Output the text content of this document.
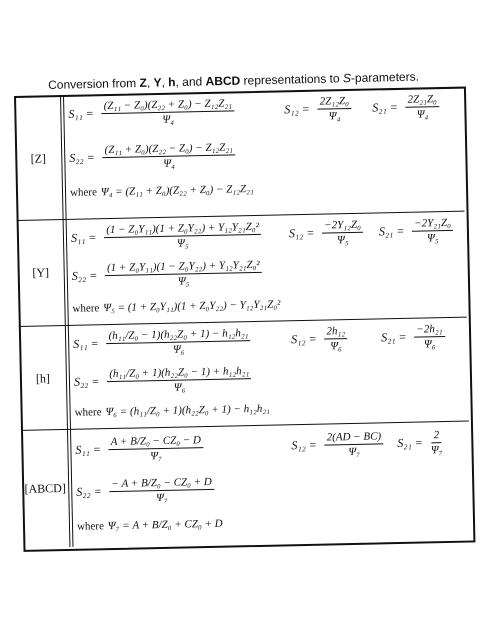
Conversion from Z, Y, h, and ABCD representations to S-parameters.
[Z]
$S_{11} = \frac{\text{(Z₁₁ − Z₀)(Z₂₂ + Z₀) − Z₁₂Z₂₁}}{\text{Ψ₄}}$	$S_{12} = \frac{\text{2Z₁₂Z₀}}{\text{Ψ₄}} S_{21} = \frac{\text{2Z₂₁Z₀}}{\text{Ψ₄}}$
$S_{22} = \frac{\text{(Z₁₁ + Z₀)(Z₂₂ − Z₀) − Z₁₂Z₂₁}}{\text{Ψ₄}}$
where Ψ₄ = (Z₁₁ + Z₀)(Z₂₂ + Z₀) − Z₁₂Z₂₁
[Y]
$S_{11} = \frac{\text{(1 − Z₀Y₁₁)(1 + Z₀Y₂₂) + Y₁₂Y₂₁Z₀²}}{\text{Ψ₅}} S_{12} = \frac{\text{−2Y₁₂Z₀}}{\text{Ψ₅}} S_{21} = \frac{\text{−2Y₂₁Z₀}}{\text{Ψ₅}}$
$S_{22} = \frac{\text{(1 + Z₀Y₁₁)(1 − Z₀Y₂₂) + Y₁₂Y₂₁Z₀²}}{\text{Ψ₅}}$
where Ψ₅ = (1 + Z₀Y₁₁)(1 + Z₀Y₂₂) − Y₁₂Y₂₁Z₀²
[h]
$S_{11} = \frac{\text{(h₁₁/Z₀ − 1)(h₂₂Z₀ + 1) − h₁₂h₂₁}}{\text{Ψ₆}}$	$S_{12} = \frac{\text{2h₁₂}}{\text{Ψ₆}}$	$S_{21} = \frac{\text{−2h₂₁}}{\text{Ψ₆}}$
$S_{22} = \frac{\text{(h₁₁/Z₀ + 1)(h₂₂Z₀ − 1) + h₁₂h₂₁}}{\text{Ψ₆}}$
where Ψ₆ = (h₁₁/Z₀ + 1)(h₂₂Z₀ + 1) − h₁₂h₂₁
[ABCD]
$S_{11} = \frac{\text{A + B/Z₀ − CZ₀ − D}}{\text{Ψ₇}}$	$S_{12} = \frac{2(AD - BC)}{\text{Ψ₇}} S_{21} = \frac{2}{\text{Ψ₇}}$
$S_{22} = \frac{\text{− A + B/Z₀ − CZ₀ + D}}{\text{Ψ₇}}$
where Ψ₇ = A + B/Z₀ + CZ₀ + D
